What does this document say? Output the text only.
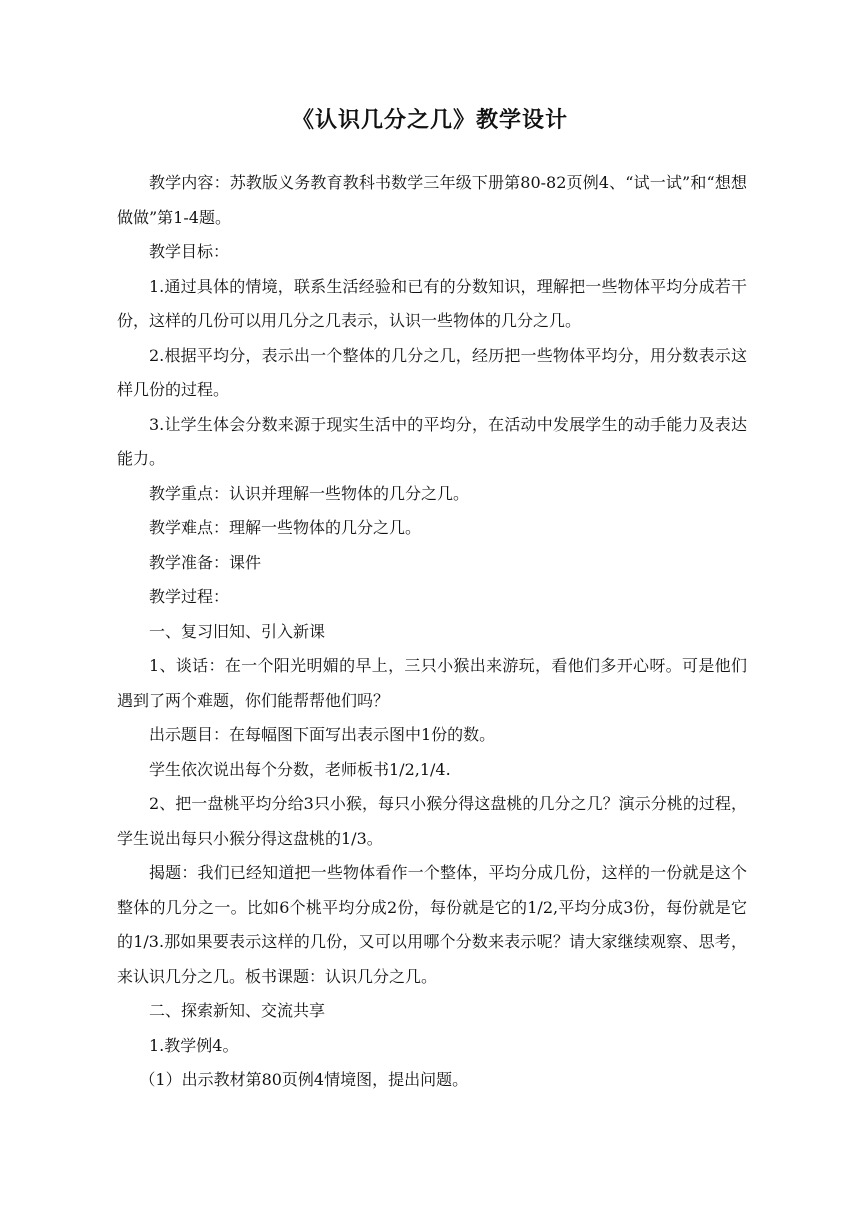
《认识几分之几》教学设计

教学内容：苏教版义务教育教科书数学三年级下册第80-82页例4、“试一试”和“想想做做”第1-4题。

教学目标：

1.通过具体的情境，联系生活经验和已有的分数知识，理解把一些物体平均分成若干份，这样的几份可以用几分之几表示，认识一些物体的几分之几。

2.根据平均分，表示出一个整体的几分之几，经历把一些物体平均分，用分数表示这样几份的过程。

3.让学生体会分数来源于现实生活中的平均分，在活动中发展学生的动手能力及表达能力。

教学重点：认识并理解一些物体的几分之几。

教学难点：理解一些物体的几分之几。

教学准备：课件

教学过程：

一、复习旧知、引入新课

1、谈话：在一个阳光明媚的早上，三只小猴出来游玩，看他们多开心呀。可是他们遇到了两个难题，你们能帮帮他们吗？

出示题目：在每幅图下面写出表示图中1份的数。

学生依次说出每个分数，老师板书1/2,1/4.

2、把一盘桃平均分给3只小猴，每只小猴分得这盘桃的几分之几？演示分桃的过程，学生说出每只小猴分得这盘桃的1/3。

揭题：我们已经知道把一些物体看作一个整体，平均分成几份，这样的一份就是这个整体的几分之一。比如6个桃平均分成2份，每份就是它的1/2,平均分成3份，每份就是它的1/3.那如果要表示这样的几份，又可以用哪个分数来表示呢？请大家继续观察、思考，来认识几分之几。板书课题：认识几分之几。

二、探索新知、交流共享

1.教学例4。

（1）出示教材第80页例4情境图，提出问题。
